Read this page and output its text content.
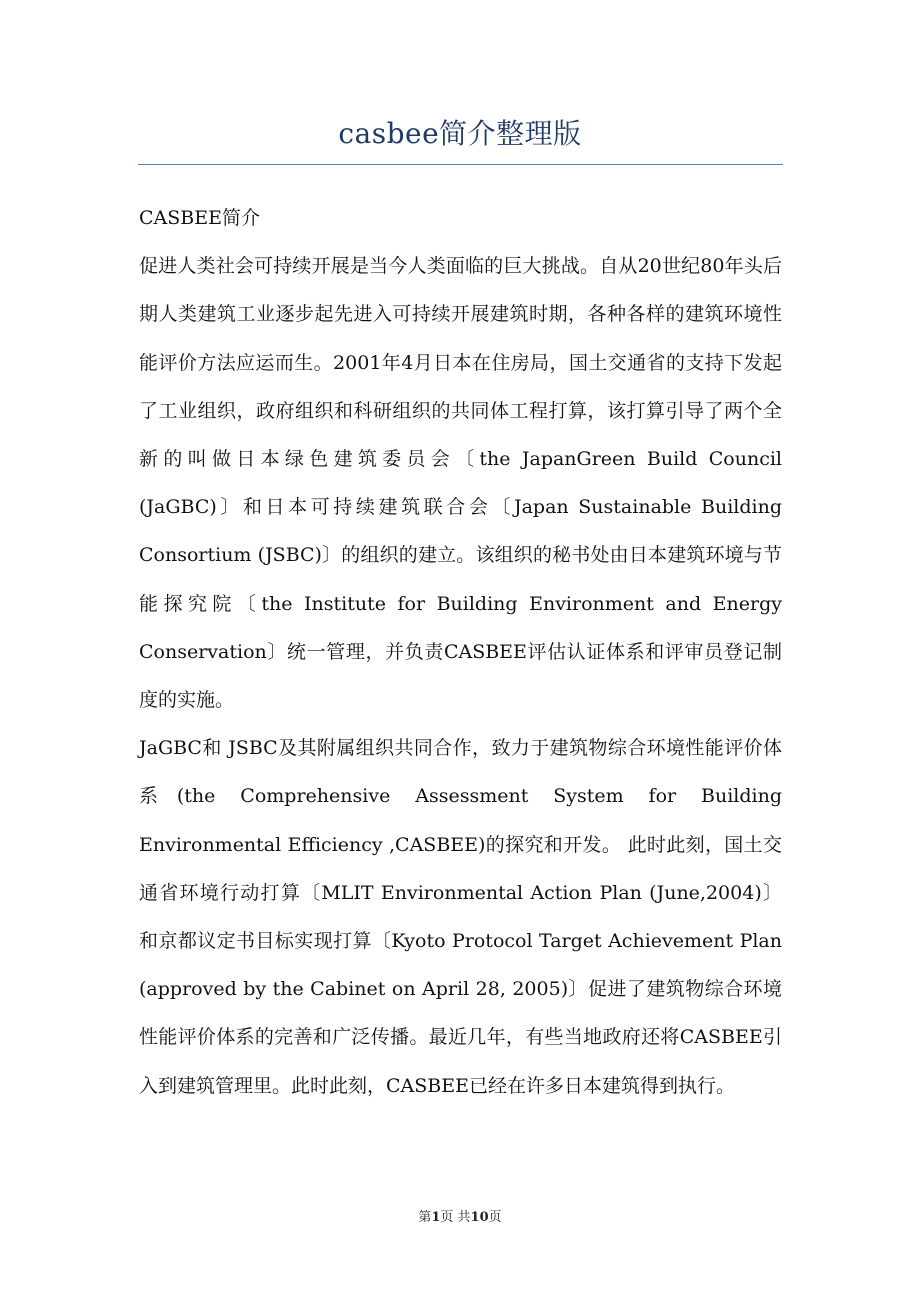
casbee简介整理版

CASBEE简介

促进人类社会可持续开展是当今人类面临的巨大挑战。自从20世纪80年头后期人类建筑工业逐步起先进入可持续开展建筑时期，各种各样的建筑环境性能评价方法应运而生。2001年4月日本在住房局，国土交通省的支持下发起了工业组织，政府组织和科研组织的共同体工程打算，该打算引导了两个全新的叫做日本绿色建筑委员会〔the JapanGreen Build Council (JaGBC)〕和日本可持续建筑联合会〔Japan Sustainable Building Consortium (JSBC)〕的组织的建立。该组织的秘书处由日本建筑环境与节能探究院〔the Institute for Building Environment and Energy Conservation〕统一管理，并负责CASBEE评估认证体系和评审员登记制度的实施。

JaGBC和 JSBC及其附属组织共同合作，致力于建筑物综合环境性能评价体系(the Comprehensive Assessment System for Building Environmental Efficiency ,CASBEE)的探究和开发。 此时此刻，国土交通省环境行动打算〔MLIT Environmental Action Plan (June,2004)〕和京都议定书目标实现打算〔Kyoto Protocol Target Achievement Plan (approved by the Cabinet on April 28, 2005)〕促进了建筑物综合环境性能评价体系的完善和广泛传播。最近几年，有些当地政府还将CASBEE引入到建筑管理里。此时此刻，CASBEE已经在许多日本建筑得到执行。

第1页 共10页
